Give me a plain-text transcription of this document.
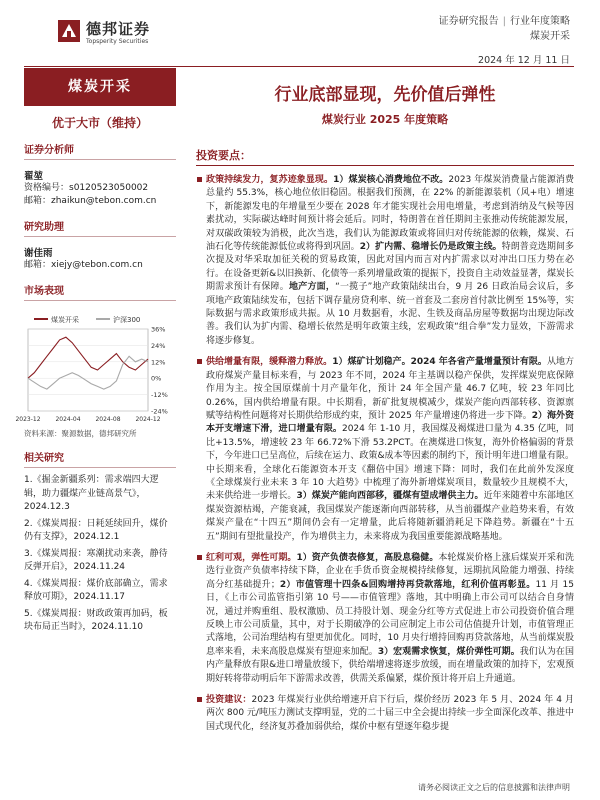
德邦证券
Topsperity Securities
证券研究报告 | 行业年度策略
煤炭开采
2024 年 12 月 11 日
煤炭开采
优于大市（维持）
证券分析师
翟堃
资格编号：s0120523050002
邮箱：zhaikun@tebon.com.cn
研究助理
谢佳雨
邮箱：xiejy@tebon.com.cn
市场表现
36%
24%
12%
0%
-12%
-24%
2023-12 2024-04 2024-08 2024-12
煤炭开采	沪深300
资料来源：聚源数据，德邦研究所
相关研究
1.《掘金新疆系列：需求端四大逻辑，助力疆煤产业链高景气》，2024.12.3
2.《煤炭周报：日耗延续回升，煤价仍有支撑》，2024.12.1
3.《煤炭周报：寒潮扰动来袭，静待反弹开启》，2024.11.24
4.《煤炭周报：煤价底部确立，需求释放可期》，2024.11.17
5.《煤炭周报：财政政策再加码，板块布局正当时》，2024.11.10
行业底部显现，先价值后弹性
煤炭行业 2025 年度策略
投资要点：

政策持续发力，复苏迹象显现。1）煤炭核心消费地位不改。2023 年煤炭消费量占能源消费总量约 55.3%，核心地位依旧稳固。根据我们预测，在 22% 的新能源装机（风+电）增速下，新能源发电的年增量至少要在 2028 年才能实现社会用电增量，考虑到消纳及气候等因素扰动，实际碳达峰时间预计将会延后。同时，特朗普在首任期间主张推动传统能源发展，对双碳政策较为消极，此次当选，我们认为能源政策或将回归对传统能源的依赖，煤炭、石油石化等传统能源低位或将得到巩固。2）扩内需、稳增长仍是政策主线。特朗普竞选期间多次提及对华采取加征关税的贸易政策，因此对国内而言对内扩需求以对冲出口压力势在必行。在设备更新&以旧换新、化债等一系列增量政策的提振下，投资自主动效益显著，煤炭长期需求预计有保障。地产方面，“一揽子”地产政策陆续出台，9 月 26 日政治局会议后，多项地产政策陆续发布，包括下调存量房贷利率、统一首套及二套房首付款比例至 15%等，实际数据与需求政策形成共振。从 10 月数据看，水泥、生铁及商品房屋等数据均出现边际改善。我们认为扩内需、稳增长依然是明年政策主线，宏观政策“组合拳”发力显效，下游需求将逐步修复。

供给增量有限，缓释潜力释放。1）煤矿计划稳产。2024 年各省产量增量预计有限。从地方政府煤炭产量目标来看，与 2023 年不同，2024 年主基调以稳产保供，发挥煤炭兜底保障作用为主。按全国原煤前十月产量年化，预计 24 年全国产量 46.7 亿吨，较 23 年同比 0.26%，国内供给增量有限。中长期看，新矿批复规模减少，煤炭产能向西部转移、资源禀赋等结构性问题将对长期供给形成约束，预计 2025 年产量增速仍将进一步下降。2）海外资本开支增速下滑，进口增量有限。2024 年 1-10 月，我国煤及褐煤进口量为 4.35 亿吨，同比+13.5%，增速较 23 年 66.72%下滑 53.2PCT。在澳煤进口恢复，海外价格偏弱的背景下，今年进口已呈高位，后续在运力、政策&成本等因素的制约下，预计明年进口增量有限。中长期来看，全球化石能源资本开支《翻倍中国》增速下降：同时，我们在此前外发深度《全球煤炭行业未来 3 年 10 大趋势》中梳理了海外新增煤炭项目，数量较少且规模不大，未来供给进一步增长。3）煤炭产能向西部移，疆煤有望成增供主力。近年来随着中东部地区煤炭资源枯竭，产能衰减，我国煤炭产能逐渐向西部转移，从当前疆煤产业趋势来看，有效煤炭产量在“十四五”期间仍会有一定增量，此后将随新疆消耗足下降趋势。新疆在“十五五”期间有望批量投产，作为增供主力，未来将成为我国重要能源战略基地。

红利可观，弹性可期。1）资产负债表修复，高股息稳健。本轮煤炭价格上涨后煤炭开采和洗选行业资产负债率持续下降，企业在手货币资金规模持续修复，远期抗风险能力增强、持续高分红基础提升；2）市值管理十四条&回购增持再贷款落地，红利价值再彰显。11 月 15 日，《上市公司监管指引第 10 号——市值管理》落地，其中明确上市公司可以结合自身情况，通过并购重组、股权激励、员工持股计划、现金分红等方式促进上市公司投资价值合理反映上市公司质量，其中，对于长期破净的公司应制定上市公司估值提升计划，市值管理正式落地，公司治理结构有望更加优化。同时，10 月央行增持回购再贷款落地，从当前煤炭股息率来看，未来高股息煤炭有望迎来加配。3）宏观需求恢复，煤价弹性可期。我们认为在国内产量释放有限&进口增量放缓下，供给端增速将逐步放缓，而在增量政策的加持下，宏观预期好转将带动明后年下游需求改善，供需关系偏紧，煤价预计将开启上升通道。

投资建议：2023 年煤炭行业供给增速开启下行后，煤价经历 2023 年 5 月、2024 年 4 月两次 800 元/吨压力测试支撑明显，党的二十届三中全会提出持续一步全面深化改革、推进中国式现代化，经济复苏叠加弱供给，煤价中枢有望逐年稳步提

请务必阅读正文之后的信息披露和法律声明
